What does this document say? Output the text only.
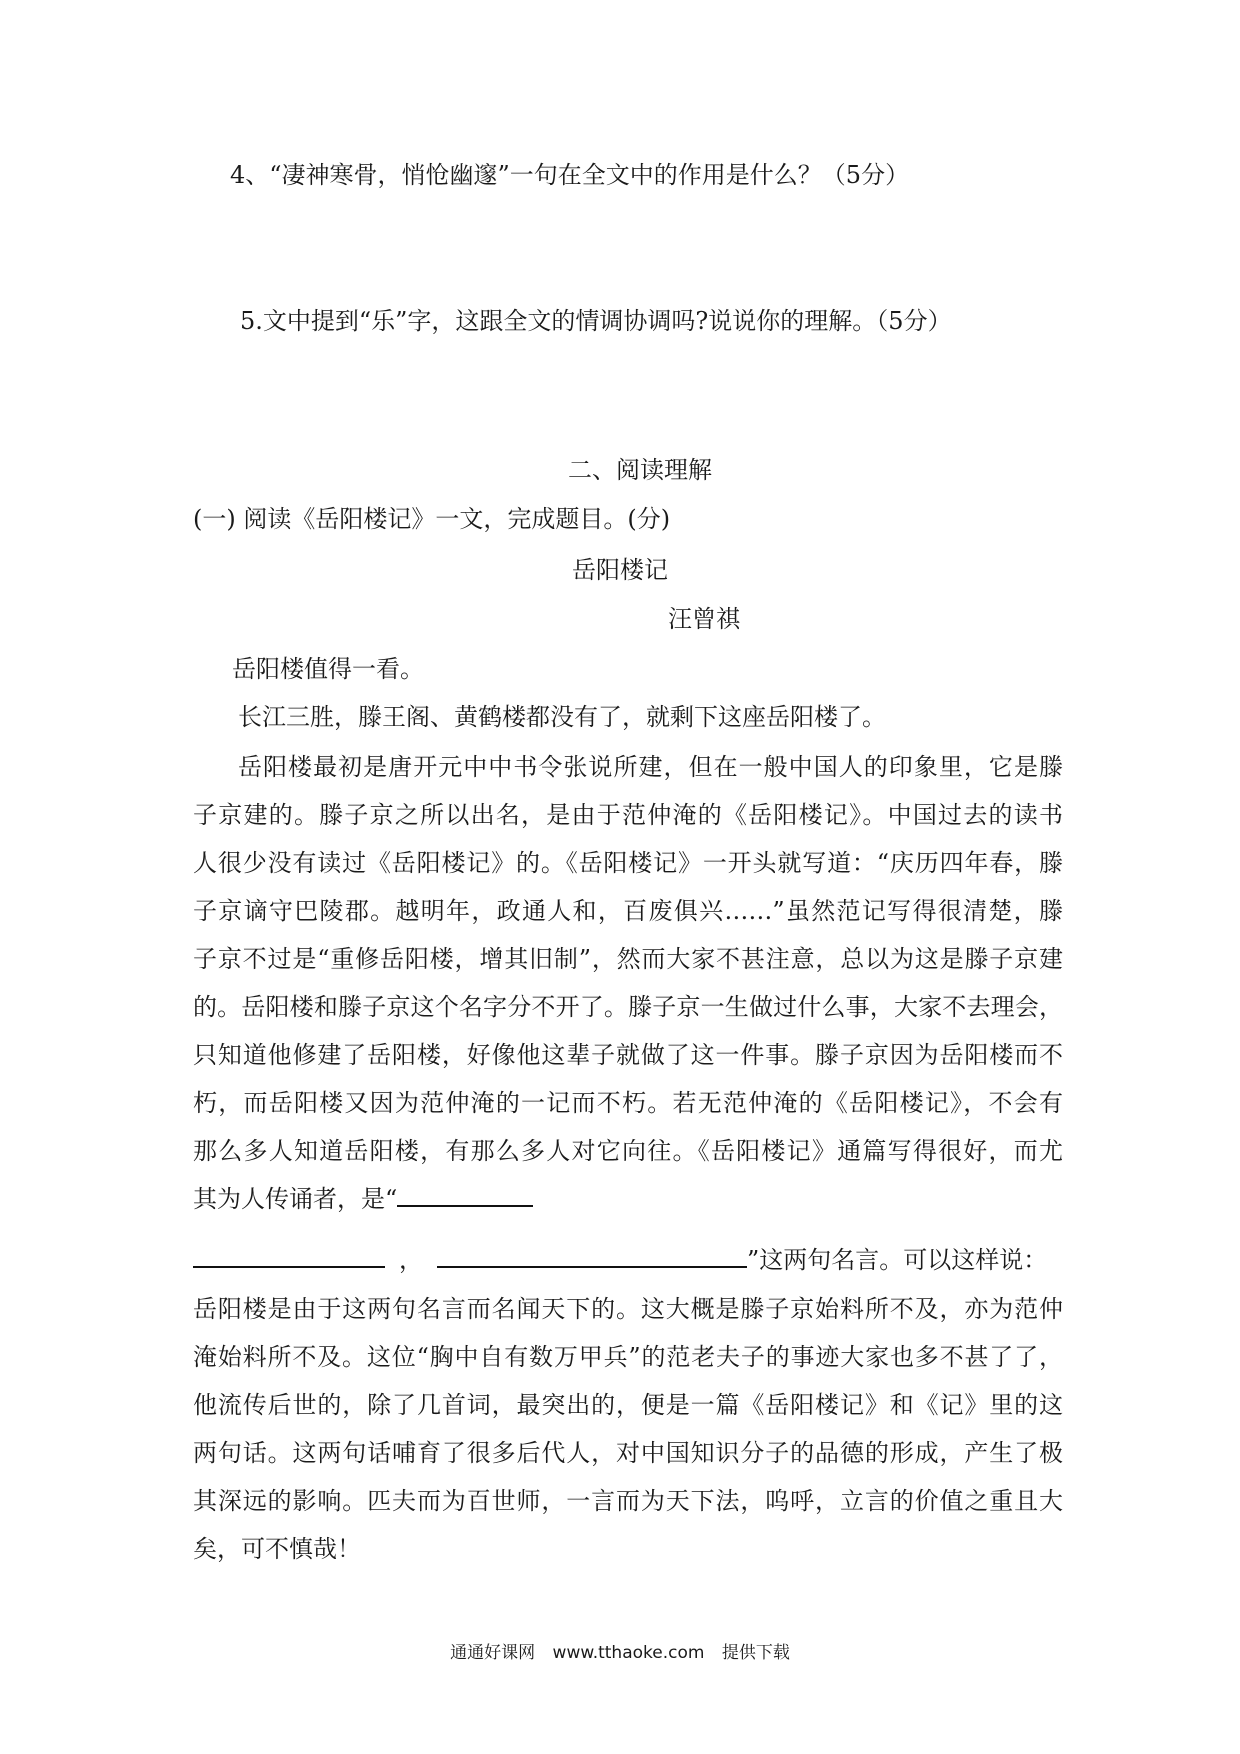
4、“凄神寒骨，悄怆幽邃”一句在全文中的作用是什么？（5分）
5.文中提到“乐”字，这跟全文的情调协调吗?说说你的理解。（5分）
二、阅读理解
(一) 阅读《岳阳楼记》一文，完成题目。(分)
岳阳楼记
汪曾祺
岳阳楼值得一看。
长江三胜，滕王阁、黄鹤楼都没有了，就剩下这座岳阳楼了。
岳阳楼最初是唐开元中中书令张说所建，但在一般中国人的印象里，它是滕
子京建的。滕子京之所以出名，是由于范仲淹的《岳阳楼记》。中国过去的读书
人很少没有读过《岳阳楼记》的。《岳阳楼记》一开头就写道：“庆历四年春，滕
子京谪守巴陵郡。越明年，政通人和，百废俱兴……”虽然范记写得很清楚，滕
子京不过是“重修岳阳楼，增其旧制”，然而大家不甚注意，总以为这是滕子京建
的。岳阳楼和滕子京这个名字分不开了。滕子京一生做过什么事，大家不去理会，
只知道他修建了岳阳楼，好像他这辈子就做了这一件事。滕子京因为岳阳楼而不
朽，而岳阳楼又因为范仲淹的一记而不朽。若无范仲淹的《岳阳楼记》，不会有
那么多人知道岳阳楼，有那么多人对它向往。《岳阳楼记》通篇写得很好，而尤
其为人传诵者，是“
，	”这两句名言。可以这样说：
岳阳楼是由于这两句名言而名闻天下的。这大概是滕子京始料所不及，亦为范仲
淹始料所不及。这位“胸中自有数万甲兵”的范老夫子的事迹大家也多不甚了了，
他流传后世的，除了几首词，最突出的，便是一篇《岳阳楼记》和《记》里的这
两句话。这两句话哺育了很多后代人，对中国知识分子的品德的形成，产生了极
其深远的影响。匹夫而为百世师，一言而为天下法，呜呼，立言的价值之重且大
矣，可不慎哉！
通通好课网 www.tthaoke.com 提供下载
